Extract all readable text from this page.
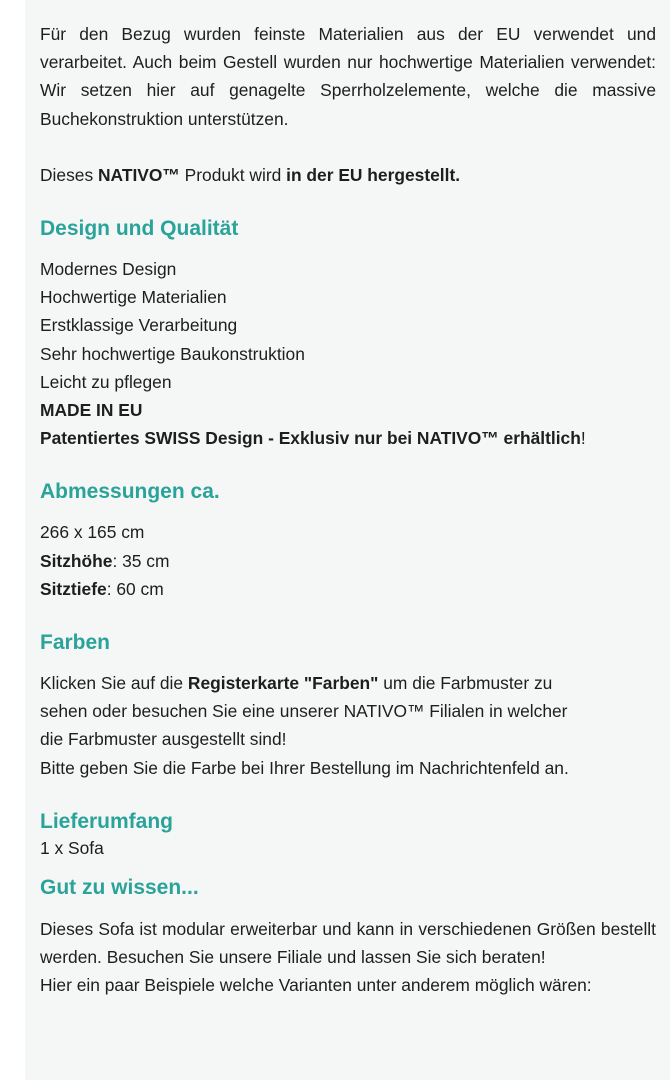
Für den Bezug wurden feinste Materialien aus der EU verwendet und verarbeitet. Auch beim Gestell wurden nur hochwertige Materialien verwendet: Wir setzen hier auf genagelte Sperrholzelemente, welche die massive Buchekonstruktion unterstützen.

Dieses NATIVO™ Produkt wird in der EU hergestellt.

Design und Qualität
Modernes Design
Hochwertige Materialien
Erstklassige Verarbeitung
Sehr hochwertige Baukonstruktion
Leicht zu pflegen
MADE IN EU
Patentiertes SWISS Design - Exklusiv nur bei NATIVO™ erhältlich!
Abmessungen ca.
266 x 165 cm
Sitzhöhe: 35 cm
Sitztiefe: 60 cm
Farben
Klicken Sie auf die Registerkarte "Farben" um die Farbmuster zu
sehen oder besuchen Sie eine unserer NATIVO™ Filialen in welcher
die Farbmuster ausgestellt sind!
Bitte geben Sie die Farbe bei Ihrer Bestellung im Nachrichtenfeld an.
Lieferumfang
1 x Sofa
Gut zu wissen...

Dieses Sofa ist modular erweiterbar und kann in verschiedenen Größen bestellt werden. Besuchen Sie unsere Filiale und lassen Sie sich beraten!

Hier ein paar Beispiele welche Varianten unter anderem möglich wären:
